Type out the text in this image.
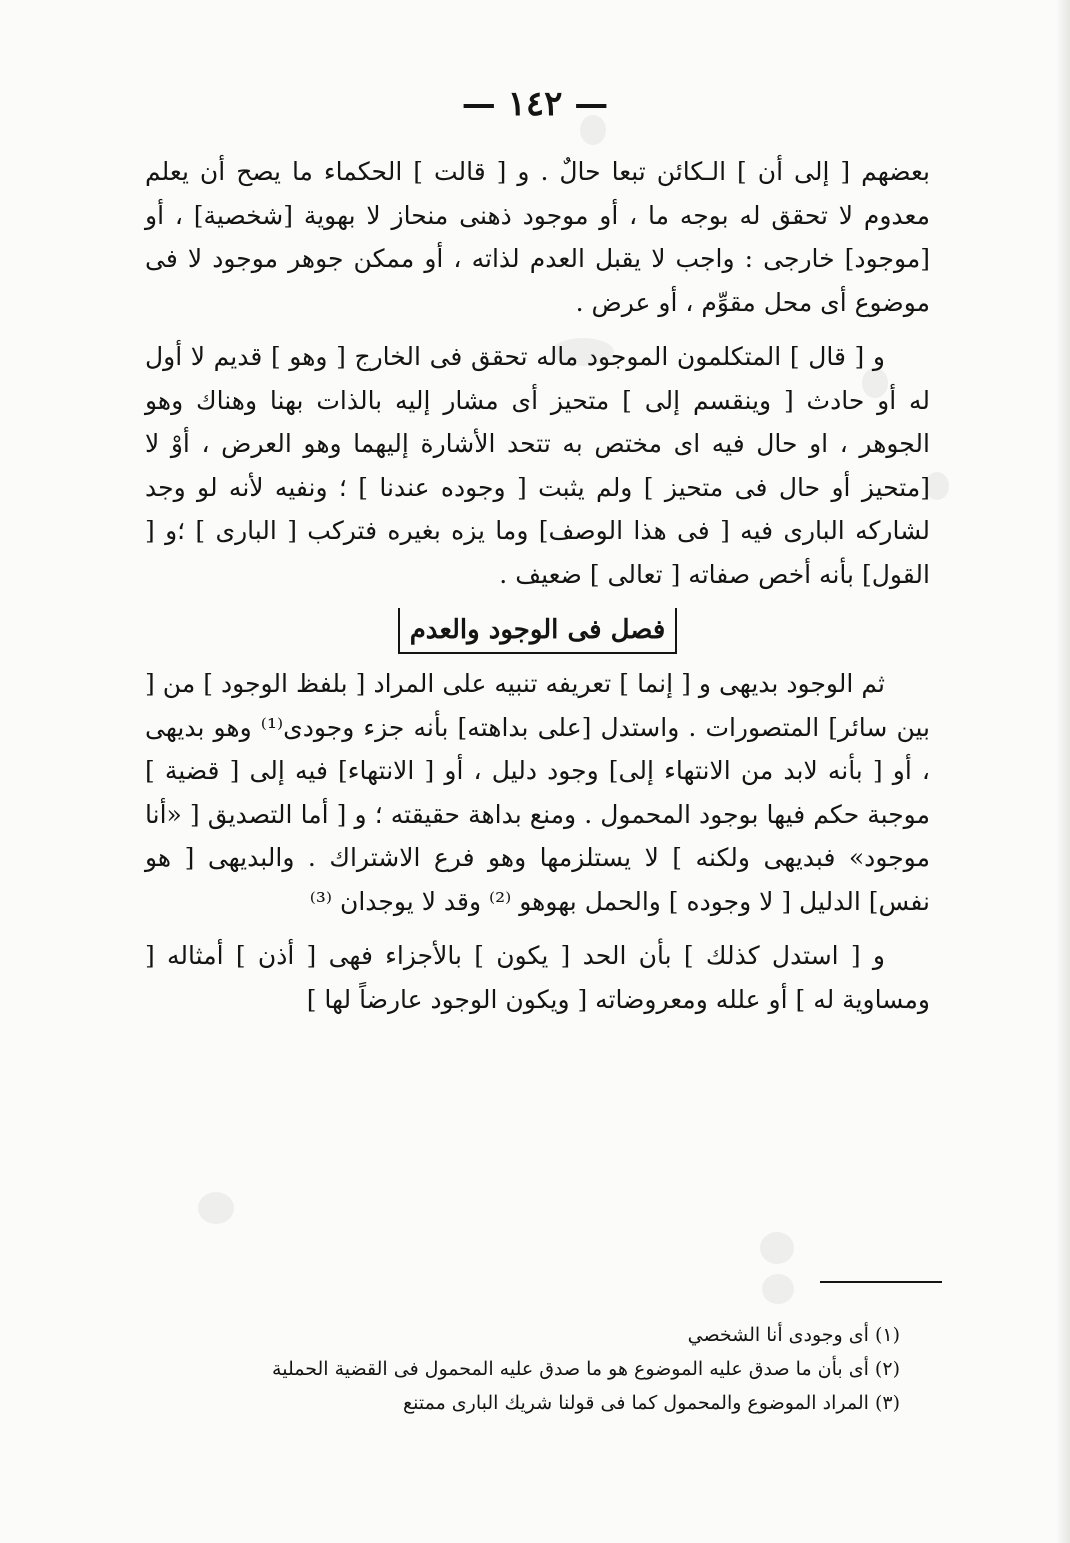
— ١٤٢ —

بعضهم [ إلى أن ] الـكائن تبعا حالٌ . و [ قالت ] الحكماء ما يصح أن يعلم معدوم لا تحقق له بوجه ما ، أو موجود ذهنى منحاز لا بهوية [شخصية] ، أو [موجود] خارجى : واجب لا يقبل العدم لذاته ، أو ممكن جوهر موجود لا فى موضوع أى محل مقوِّم ، أو عرض .

و [ قال ] المتكلمون الموجود ماله تحقق فى الخارج [ وهو ] قديم لا أول له أو حادث [ وينقسم إلى ] متحيز أى مشار إليه بالذات بهنا وهناك وهو الجوهر ، او حال فيه اى مختص به تتحد الأشارة إليهما وهو العرض ، أوْ لا [متحيز أو حال فى متحيز ] ولم يثبت [ وجوده عندنا ] ؛ ونفيه لأنه لو وجد لشاركه البارى فيه [ فى هذا الوصف] وما يزه بغيره فتركب [ البارى ] ؛و [ القول] بأنه أخص صفاته [ تعالى ] ضعيف .

فصل فى الوجود والعدم

ثم الوجود بديهى و [ إنما ] تعريفه تنبيه على المراد [ بلفظ الوجود ] من [ بين سائر] المتصورات . واستدل [على بداهته] بأنه جزء وجودى⁽¹⁾ وهو بديهى ، أو [ بأنه لابد من الانتهاء إلى] وجود دليل ، أو [ الانتهاء] فيه إلى [ قضية ] موجبة حكم فيها بوجود المحمول . ومنع بداهة حقيقته ؛ و [ أما التصديق [ «أنا موجود» فبديهى ولكنه ] لا يستلزمها وهو فرع الاشتراك . والبديهى [ هو نفس] الدليل [ لا وجوده ] والحمل بهوهو ⁽²⁾ وقد لا يوجدان ⁽³⁾

و [ استدل كذلك ] بأن الحد [ يكون ] بالأجزاء فهى [ أذن ] أمثاله [ ومساوية له ] أو علله ومعروضاته [ ويكون الوجود عارضاً لها ]

(١) أى وجودى أنا الشخصي
(٢) أى بأن ما صدق عليه الموضوع هو ما صدق عليه المحمول فى القضية الحملية
(٣) المراد الموضوع والمحمول كما فى قولنا شريك البارى ممتنع
